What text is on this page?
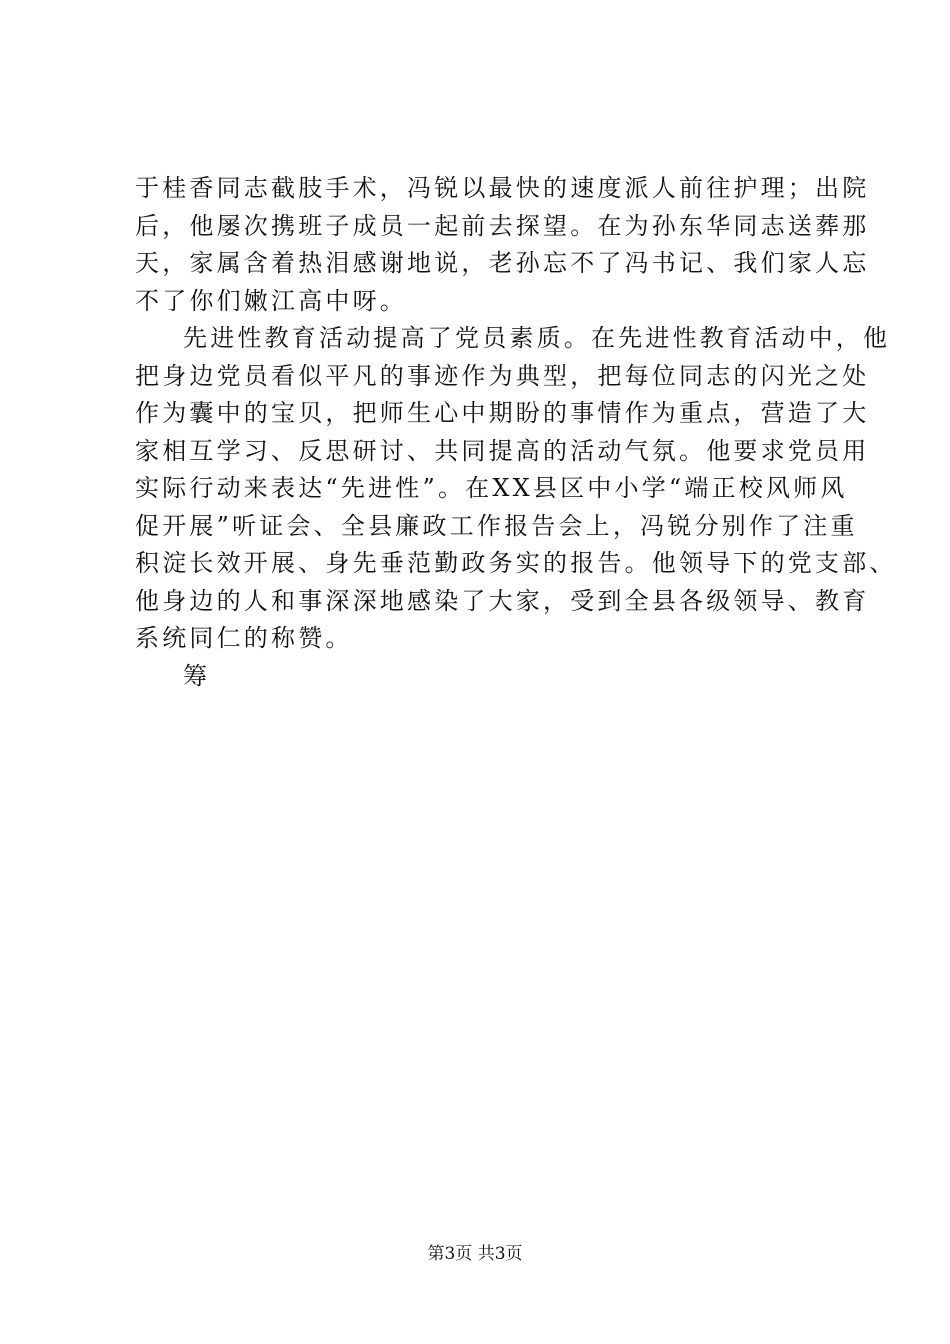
于桂香同志截肢手术，冯锐以最快的速度派人前往护理；出院
后，他屡次携班子成员一起前去探望。在为孙东华同志送葬那
天，家属含着热泪感谢地说，老孙忘不了冯书记、我们家人忘
不了你们嫩江高中呀。
先进性教育活动提高了党员素质。在先进性教育活动中，他
把身边党员看似平凡的事迹作为典型，把每位同志的闪光之处
作为囊中的宝贝，把师生心中期盼的事情作为重点，营造了大
家相互学习、反思研讨、共同提高的活动气氛。他要求党员用
实际行动来表达“先进性”。在XX县区中小学“端正校风师风
促开展”听证会、全县廉政工作报告会上，冯锐分别作了注重
积淀长效开展、身先垂范勤政务实的报告。他领导下的党支部、
他身边的人和事深深地感染了大家，受到全县各级领导、教育
系统同仁的称赞。
筹
第3页 共3页
